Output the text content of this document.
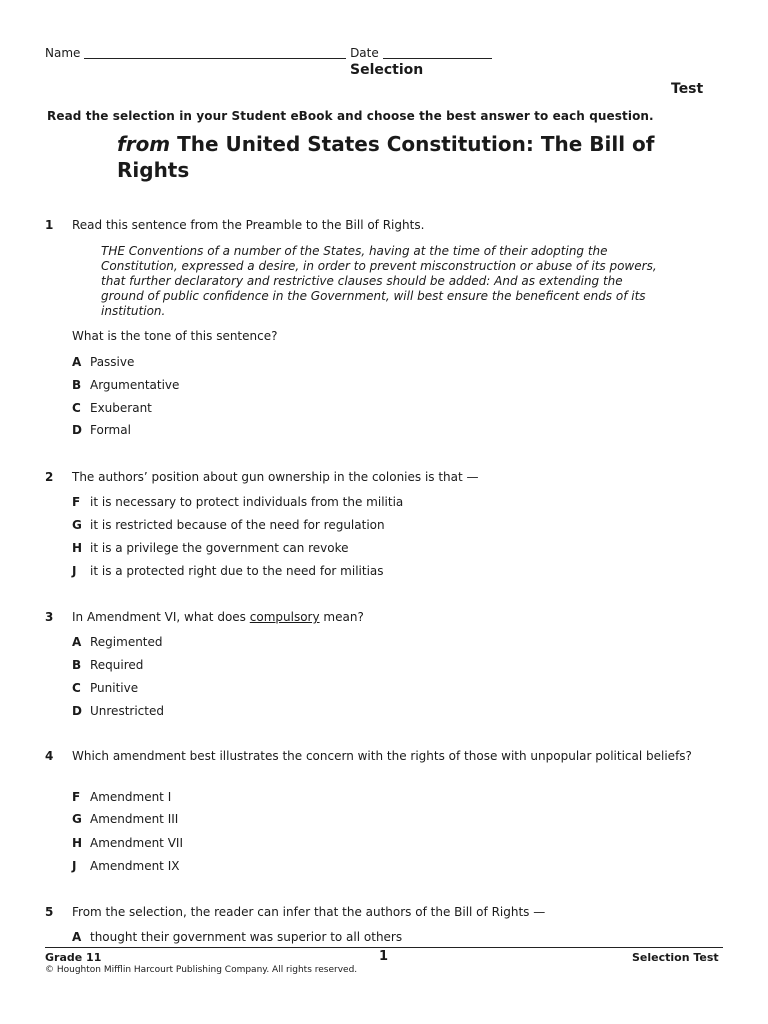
Name	Date
Selection
Test
Read the selection in your Student eBook and choose the best answer to each question.
from The United States Constitution: The Bill of Rights
1 Read this sentence from the Preamble to the Bill of Rights.
THE Conventions of a number of the States, having at the time of their adopting the Constitution, expressed a desire, in order to prevent misconstruction or abuse of its powers, that further declaratory and restrictive clauses should be added: And as extending the ground of public confidence in the Government, will best ensure the beneficent ends of its institution.
What is the tone of this sentence?
A Passive
B Argumentative
C Exuberant
D Formal
2 The authors’ position about gun ownership in the colonies is that —
F it is necessary to protect individuals from the militia
G it is restricted because of the need for regulation
H it is a privilege the government can revoke
J it is a protected right due to the need for militias
3 In Amendment VI, what does compulsory mean?
A Regimented
B Required
C Punitive
D Unrestricted
4 Which amendment best illustrates the concern with the rights of those with unpopular political beliefs?
F Amendment I
G Amendment III
H Amendment VII
J Amendment IX
5 From the selection, the reader can infer that the authors of the Bill of Rights —
A thought their government was superior to all others
Grade 11	1	Selection Test
© Houghton Mifflin Harcourt Publishing Company. All rights reserved.
